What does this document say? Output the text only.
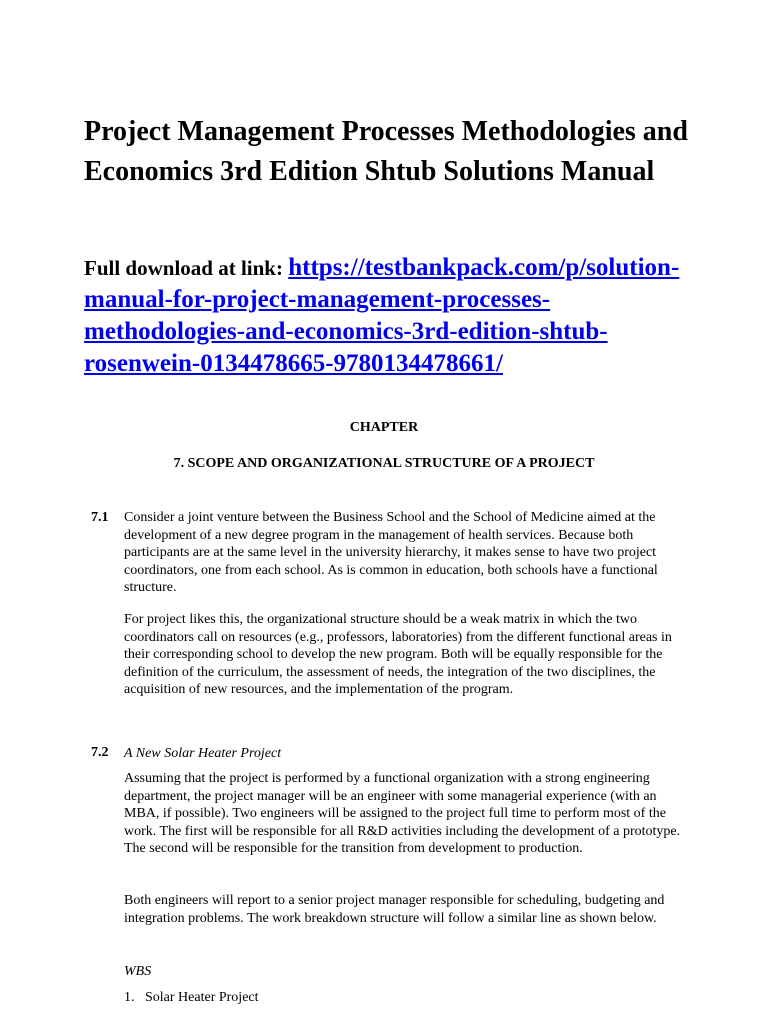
Project Management Processes Methodologies and Economics 3rd Edition Shtub Solutions Manual

Full download at link: https://testbankpack.com/p/solution-manual-for-project-management-processes-methodologies-and-economics-3rd-edition-shtub-rosenwein-0134478665-9780134478661/

CHAPTER

7. SCOPE AND ORGANIZATIONAL STRUCTURE OF A PROJECT

7.1 Consider a joint venture between the Business School and the School of Medicine aimed at the development of a new degree program in the management of health services. Because both participants are at the same level in the university hierarchy, it makes sense to have two project coordinators, one from each school. As is common in education, both schools have a functional structure.

For project likes this, the organizational structure should be a weak matrix in which the two coordinators call on resources (e.g., professors, laboratories) from the different functional areas in their corresponding school to develop the new program. Both will be equally responsible for the definition of the curriculum, the assessment of needs, the integration of the two disciplines, the acquisition of new resources, and the implementation of the program.

7.2 A New Solar Heater Project

Assuming that the project is performed by a functional organization with a strong engineering department, the project manager will be an engineer with some managerial experience (with an MBA, if possible). Two engineers will be assigned to the project full time to perform most of the work. The first will be responsible for all R&D activities including the development of a prototype. The second will be responsible for the transition from development to production.

Both engineers will report to a senior project manager responsible for scheduling, budgeting and integration problems. The work breakdown structure will follow a similar line as shown below.

WBS

1.   Solar Heater Project
